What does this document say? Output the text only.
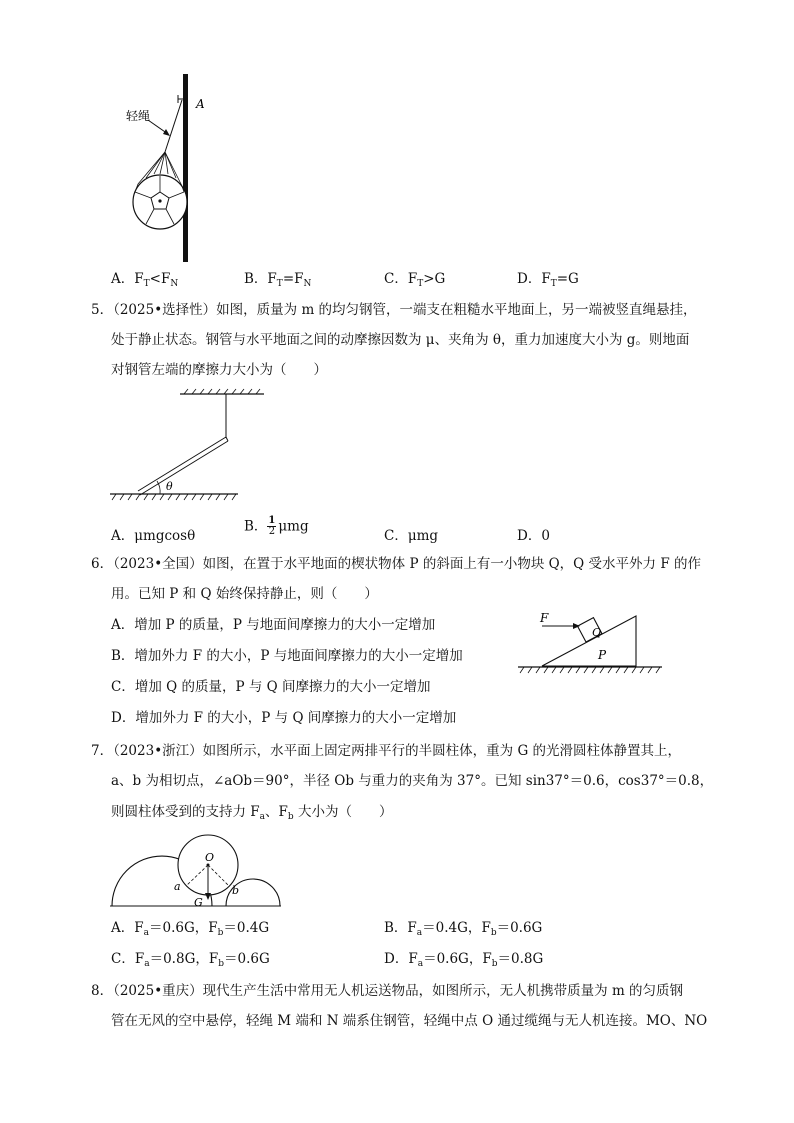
A
轻绳
A．$F_T<F_N$	B．$F_T=F_N$	C．$F_T>G$	D．$F_T=G$
5．（2025•选择性）如图，质量为 m 的均匀钢管，一端支在粗糙水平地面上，另一端被竖直绳悬挂，
处于静止状态。钢管与水平地面之间的动摩擦因数为 μ、夹角为 θ，重力加速度大小为 g。则地面
对钢管左端的摩擦力大小为（　　）
θ
A．μmgcosθ
B． $\frac{1}{2}$ μmg
C．μmg	D．0
6．（2023•全国）如图，在置于水平地面的楔状物体 P 的斜面上有一小物块 Q，Q 受水平外力 F 的作
用。已知 P 和 Q 始终保持静止，则（　　）
A．增加 P 的质量，P 与地面间摩擦力的大小一定增加
B．增加外力 F 的大小，P 与地面间摩擦力的大小一定增加
C．增加 Q 的质量，P 与 Q 间摩擦力的大小一定增加
D．增加外力 F 的大小，P 与 Q 间摩擦力的大小一定增加
P
Q
F
7．（2023•浙江）如图所示，水平面上固定两排平行的半圆柱体，重为 G 的光滑圆柱体静置其上，
a、b 为相切点，∠aOb＝90°，半径 Ob 与重力的夹角为 37°。已知 sin37°＝0.6，cos37°＝0.8，
则圆柱体受到的支持力 $F_a$、$F_b$ 大小为（　　）
O
a	b
G
A．$F_a=0.6G$，$F_b=0.4G$	B．$F_a=0.4G$，$F_b=0.6G$
C．$F_a=0.8G$，$F_b=0.6G$	D．$F_a=0.6G$，$F_b=0.8G$
8．（2025•重庆）现代生产生活中常用无人机运送物品，如图所示，无人机携带质量为 m 的匀质钢
管在无风的空中悬停，轻绳 M 端和 N 端系住钢管，轻绳中点 O 通过缆绳与无人机连接。MO、NO
